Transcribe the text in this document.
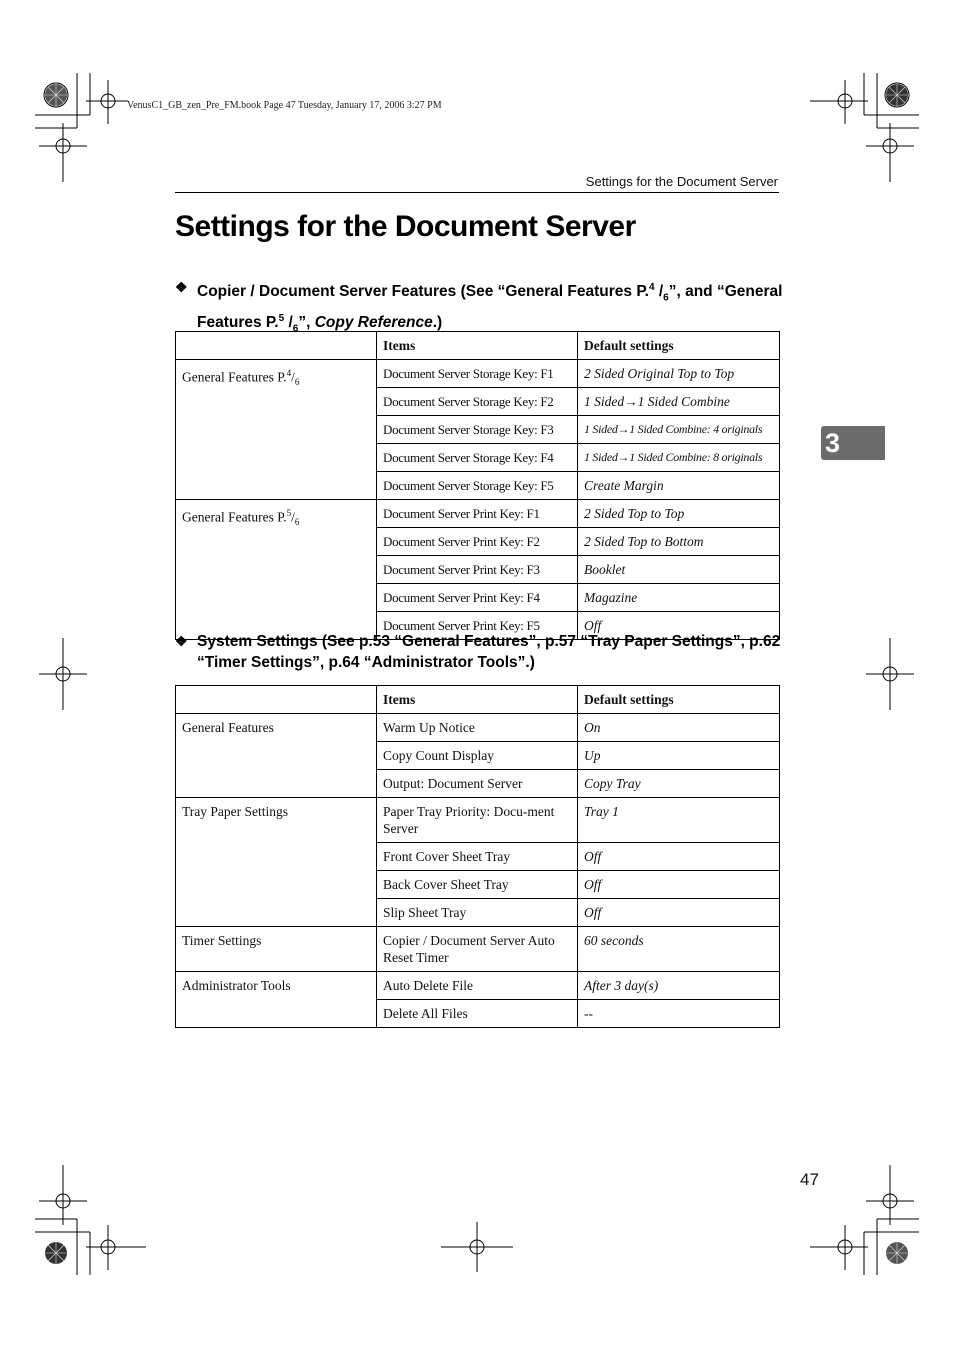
VenusC1_GB_zen_Pre_FM.book Page 47 Tuesday, January 17, 2006 3:27 PM
Settings for the Document Server
Settings for the Document Server
❖ Copier / Document Server Features (See “General Features P.$^4$ $/_6$”, and “General Features P.$^5$ $/_6$”, Copy Reference.)
	Items	Default settings
General Features $P.^4/_6$	Document Server Storage Key: F1	2 Sided Original Top to Top
	Document Server Storage Key: F2	1 Sided→1 Sided Combine
	Document Server Storage Key: F3	1 Sided→1 Sided Combine: 4 originals
	Document Server Storage Key: F4	1 Sided→1 Sided Combine: 8 originals
	Document Server Storage Key: F5	Create Margin
General Features $P.^5/_6$	Document Server Print Key: F1	2 Sided Top to Top
	Document Server Print Key: F2	2 Sided Top to Bottom
	Document Server Print Key: F3	Booklet
	Document Server Print Key: F4	Magazine
	Document Server Print Key: F5	Off
❖ System Settings (See p.53 “General Features”, p.57 “Tray Paper Settings”, p.62 “Timer Settings”, p.64 “Administrator Tools”.)
	Items	Default settings
General Features	Warm Up Notice	On
	Copy Count Display	Up
	Output: Document Server	Copy Tray
Tray Paper Settings	Paper Tray Priority: Docu-ment Server	Tray 1
	Front Cover Sheet Tray	Off
	Back Cover Sheet Tray	Off
	Slip Sheet Tray	Off
Timer Settings	Copier / Document Server Auto Reset Timer	60 seconds
Administrator Tools	Auto Delete File	After 3 day(s)
	Delete All Files	--
3
47
